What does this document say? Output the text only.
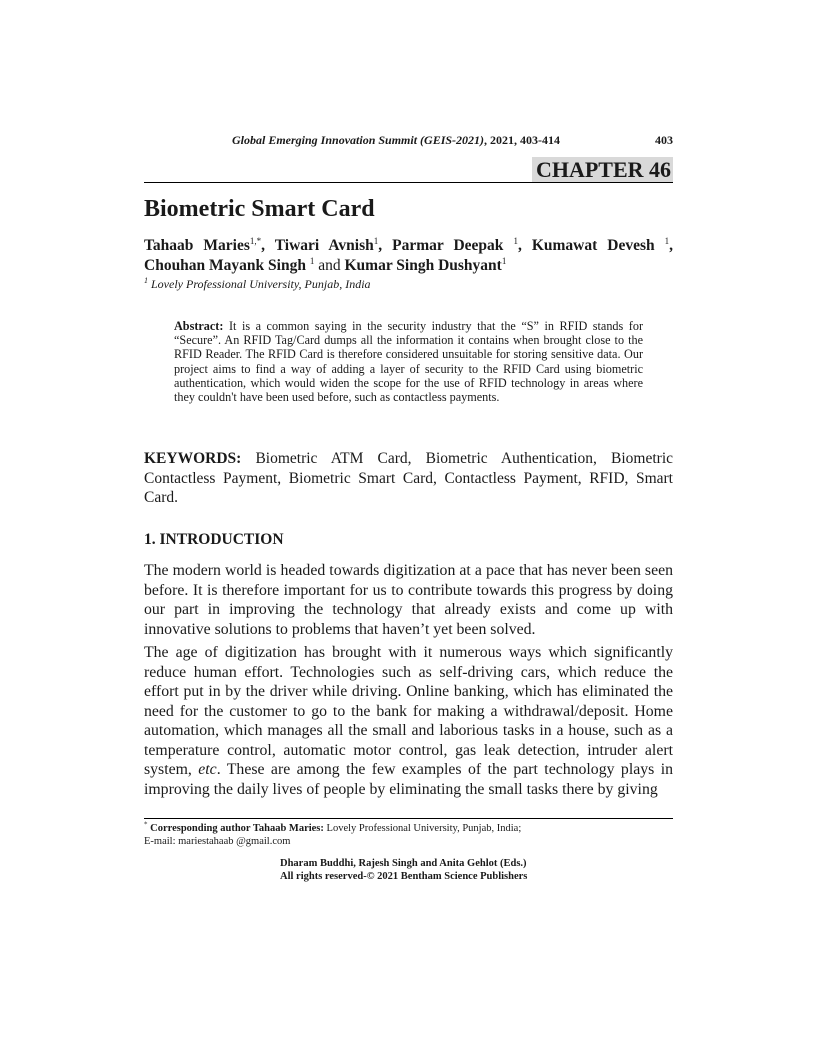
Global Emerging Innovation Summit (GEIS-2021), 2021, 403-414	403
CHAPTER 46
Biometric Smart Card
Tahaab Maries$^{1,*}$, Tiwari Avnish$^1$, Parmar Deepak $^1$, Kumawat Devesh $^1$,
Chouhan Mayank Singh $^1$ and Kumar Singh Dushyant$^1$
$^1$ Lovely Professional University, Punjab, India

Abstract: It is a common saying in the security industry that the “S” in RFID stands for “Secure”. An RFID Tag/Card dumps all the information it contains when brought close to the RFID Reader. The RFID Card is therefore considered unsuitable for storing sensitive data. Our project aims to find a way of adding a layer of security to the RFID Card using biometric authentication, which would widen the scope for the use of RFID technology in areas where they couldn't have been used before, such as contactless payments.

KEYWORDS: Biometric ATM Card, Biometric Authentication, Biometric Contactless Payment, Biometric Smart Card, Contactless Payment, RFID, Smart Card.

1. INTRODUCTION

The modern world is headed towards digitization at a pace that has never been seen before. It is therefore important for us to contribute towards this progress by doing our part in improving the technology that already exists and come up with innovative solutions to problems that haven’t yet been solved.

The age of digitization has brought with it numerous ways which significantly reduce human effort. Technologies such as self-driving cars, which reduce the effort put in by the driver while driving. Online banking, which has eliminated the need for the customer to go to the bank for making a withdrawal/deposit. Home automation, which manages all the small and laborious tasks in a house, such as a temperature control, automatic motor control, gas leak detection, intruder alert system, etc. These are among the few examples of the part technology plays in improving the daily lives of people by eliminating the small tasks there by giving

* Corresponding author Tahaab Maries: Lovely Professional University, Punjab, India;
E-mail: mariestahaab @gmail.com
Dharam Buddhi, Rajesh Singh and Anita Gehlot (Eds.)
All rights reserved-© 2021 Bentham Science Publishers
